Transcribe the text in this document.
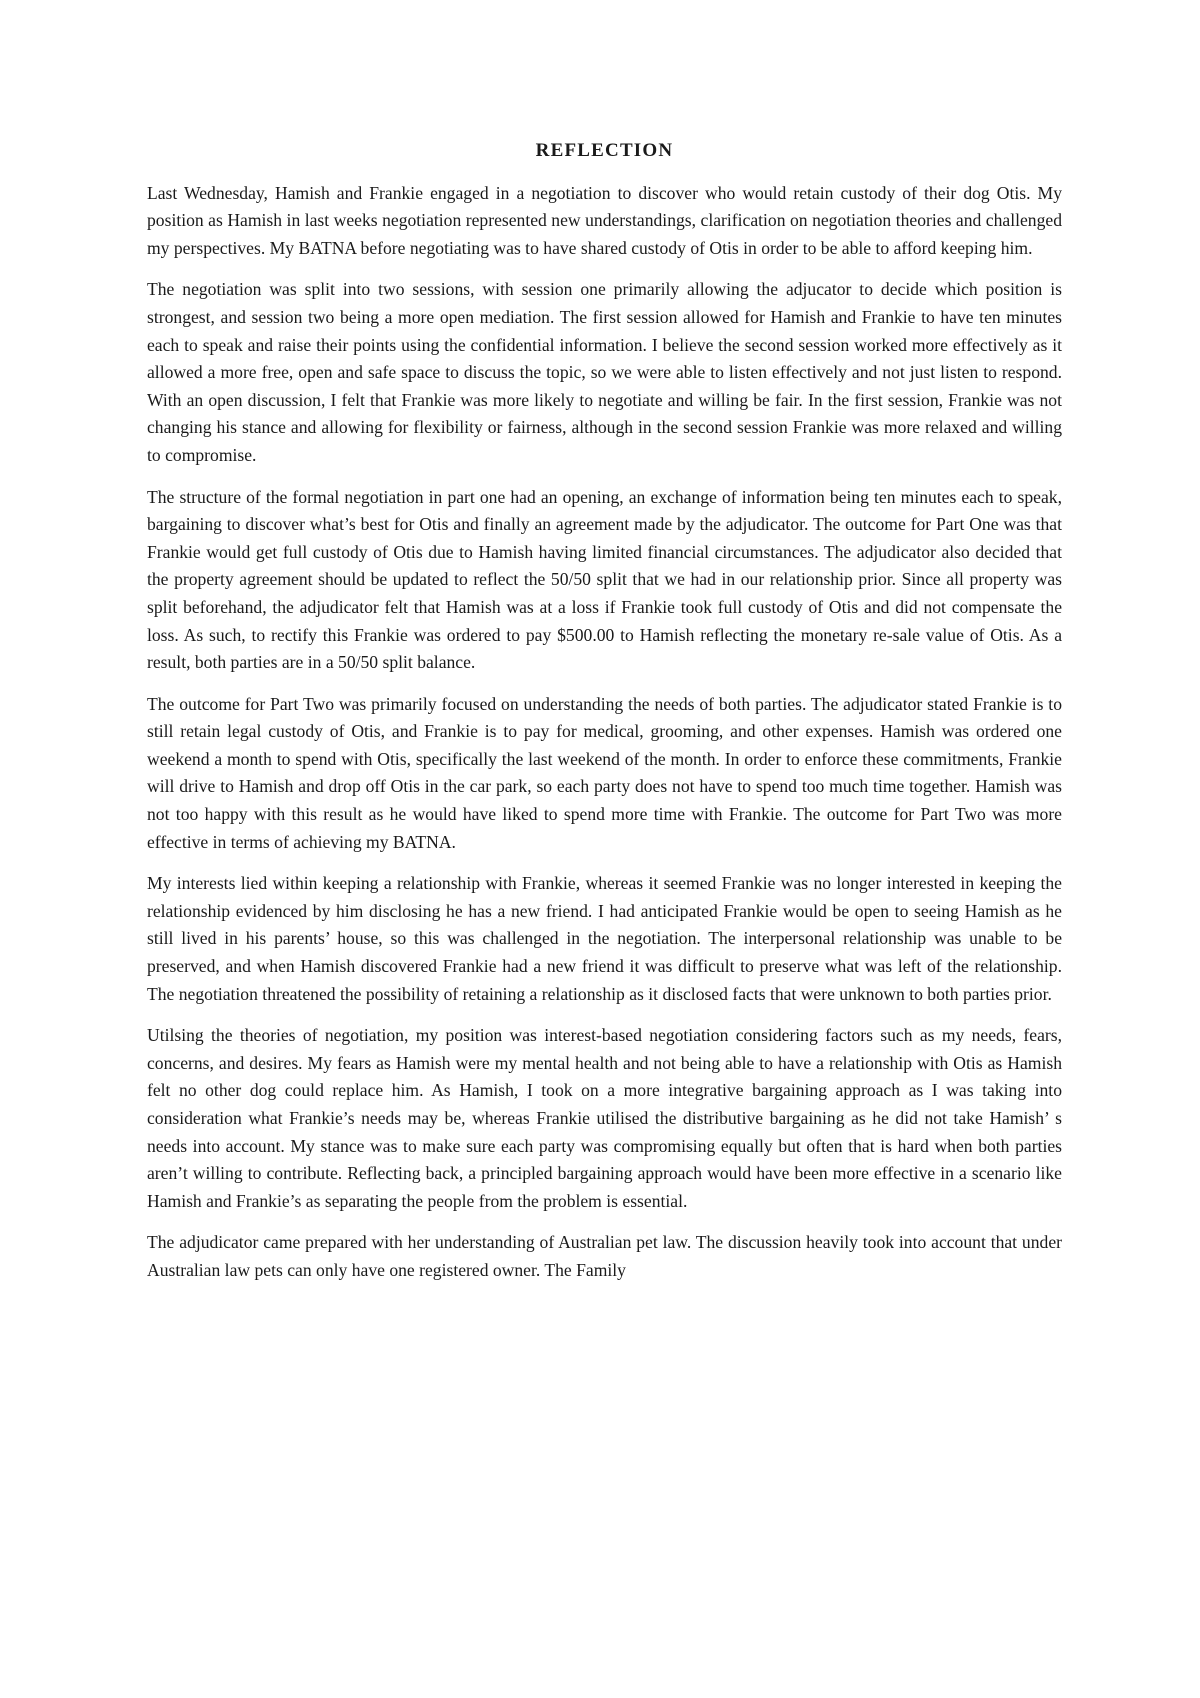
REFLECTION

Last Wednesday, Hamish and Frankie engaged in a negotiation to discover who would retain custody of their dog Otis. My position as Hamish in last weeks negotiation represented new understandings, clarification on negotiation theories and challenged my perspectives. My BATNA before negotiating was to have shared custody of Otis in order to be able to afford keeping him.

The negotiation was split into two sessions, with session one primarily allowing the adjucator to decide which position is strongest, and session two being a more open mediation. The first session allowed for Hamish and Frankie to have ten minutes each to speak and raise their points using the confidential information. I believe the second session worked more effectively as it allowed a more free, open and safe space to discuss the topic, so we were able to listen effectively and not just listen to respond. With an open discussion, I felt that Frankie was more likely to negotiate and willing be fair. In the first session, Frankie was not changing his stance and allowing for flexibility or fairness, although in the second session Frankie was more relaxed and willing to compromise.

The structure of the formal negotiation in part one had an opening, an exchange of information being ten minutes each to speak, bargaining to discover what’s best for Otis and finally an agreement made by the adjudicator. The outcome for Part One was that Frankie would get full custody of Otis due to Hamish having limited financial circumstances. The adjudicator also decided that the property agreement should be updated to reflect the 50/50 split that we had in our relationship prior. Since all property was split beforehand, the adjudicator felt that Hamish was at a loss if Frankie took full custody of Otis and did not compensate the loss. As such, to rectify this Frankie was ordered to pay $500.00 to Hamish reflecting the monetary re-sale value of Otis. As a result, both parties are in a 50/50 split balance.

The outcome for Part Two was primarily focused on understanding the needs of both parties. The adjudicator stated Frankie is to still retain legal custody of Otis, and Frankie is to pay for medical, grooming, and other expenses. Hamish was ordered one weekend a month to spend with Otis, specifically the last weekend of the month. In order to enforce these commitments, Frankie will drive to Hamish and drop off Otis in the car park, so each party does not have to spend too much time together. Hamish was not too happy with this result as he would have liked to spend more time with Frankie. The outcome for Part Two was more effective in terms of achieving my BATNA.

My interests lied within keeping a relationship with Frankie, whereas it seemed Frankie was no longer interested in keeping the relationship evidenced by him disclosing he has a new friend. I had anticipated Frankie would be open to seeing Hamish as he still lived in his parents’ house, so this was challenged in the negotiation. The interpersonal relationship was unable to be preserved, and when Hamish discovered Frankie had a new friend it was difficult to preserve what was left of the relationship. The negotiation threatened the possibility of retaining a relationship as it disclosed facts that were unknown to both parties prior.

Utilsing the theories of negotiation, my position was interest-based negotiation considering factors such as my needs, fears, concerns, and desires. My fears as Hamish were my mental health and not being able to have a relationship with Otis as Hamish felt no other dog could replace him. As Hamish, I took on a more integrative bargaining approach as I was taking into consideration what Frankie’s needs may be, whereas Frankie utilised the distributive bargaining as he did not take Hamish’ s needs into account. My stance was to make sure each party was compromising equally but often that is hard when both parties aren’t willing to contribute. Reflecting back, a principled bargaining approach would have been more effective in a scenario like Hamish and Frankie’s as separating the people from the problem is essential.

The adjudicator came prepared with her understanding of Australian pet law. The discussion heavily took into account that under Australian law pets can only have one registered owner. The Family
